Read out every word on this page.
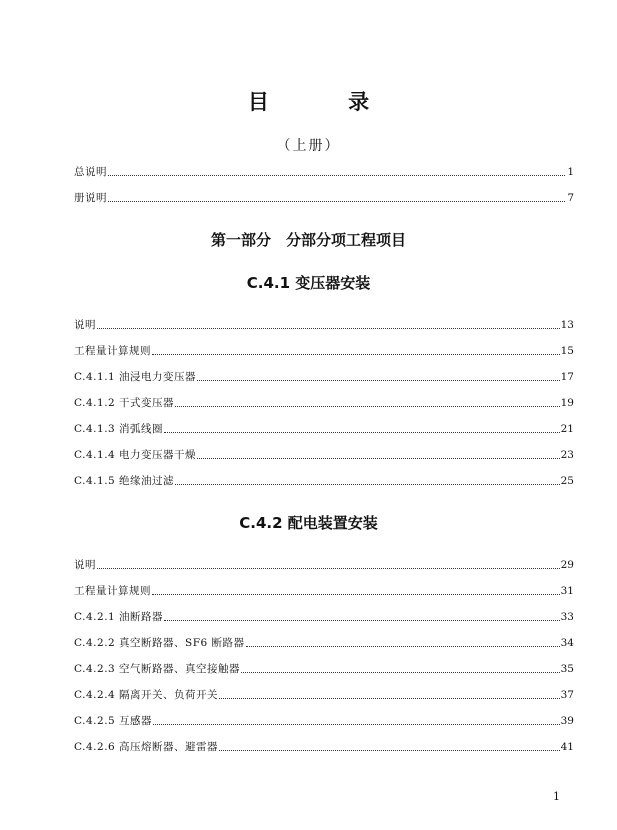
目 录
（上册）
总说明	1
册说明	7
第一部分　分部分项工程项目
C.4.1 变压器安装
说明	13
工程量计算规则	15
C.4.1.1 油浸电力变压器	17
C.4.1.2 干式变压器	19
C.4.1.3 消弧线圈	21
C.4.1.4 电力变压器干燥	23
C.4.1.5 绝缘油过滤	25
C.4.2 配电装置安装
说明	29
工程量计算规则	31
C.4.2.1 油断路器	33
C.4.2.2 真空断路器、SF6 断路器	34
C.4.2.3 空气断路器、真空接触器	35
C.4.2.4 隔离开关、负荷开关	37
C.4.2.5 互感器	39
C.4.2.6 高压熔断器、避雷器	41
1
